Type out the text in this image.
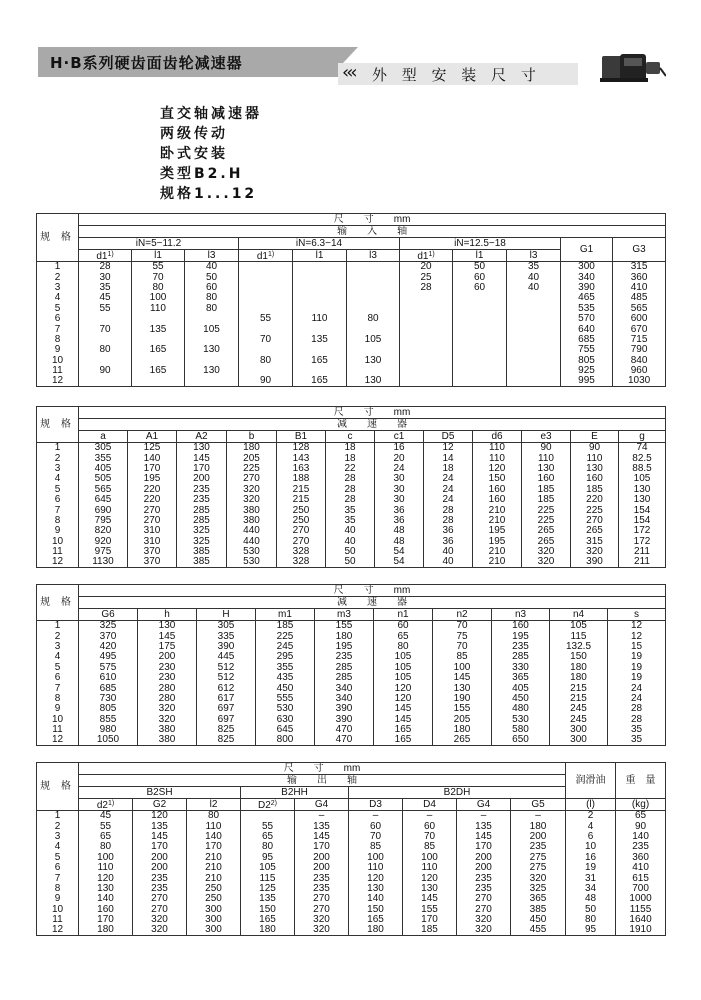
H·B系列硬齿面齿轮减速器	‹‹‹ 外 型 安 装 尺 寸
直交轴减速器
两级传动
卧式安装
类型B2.H
规格1...12
规 格	尺　　寸　　mm										
	输　　入　　轴										
	iN=5−11.2			iN=6.3−14			iN=12.5−18			G1	G3
	d1$^{1)}$	l1	l3	d1$^{1)}$	l1	l3	d1$^{1)}$	l1	l3		
1	28	55	40				20	50	35	300	315
2	30	70	50				25	60	40	340	360
3	35	80	60				28	60	40	390	410
4	45	100	80							465	485
5	55	110	80							535	565
6				55	110	80				570	600
7	70	135	105							640	670
8				70	135	105				685	715
9	80	165	130							755	790
10				80	165	130				805	840
11	90	165	130							925	960
12				90	165	130				995	1030
规 格	尺　　寸　　mm											
	减　　速　　器											
	a	A1	A2	b	B1	c	c1	D5	d6	e3	E	g
1	305	125	130	180	128	18	16	12	110	90	90	74
2	355	140	145	205	143	18	20	14	110	110	110	82.5
3	405	170	170	225	163	22	24	18	120	130	130	88.5
4	505	195	200	270	188	28	30	24	150	160	160	105
5	565	220	235	320	215	28	30	24	160	185	185	130
6	645	220	235	320	215	28	30	24	160	185	220	130
7	690	270	285	380	250	35	36	28	210	225	225	154
8	795	270	285	380	250	35	36	28	210	225	270	154
9	820	310	325	440	270	40	48	36	195	265	265	172
10	920	310	325	440	270	40	48	36	195	265	315	172
11	975	370	385	530	328	50	54	40	210	320	320	211
12	1130	370	385	530	328	50	54	40	210	320	390	211
规 格	尺　　寸　　mm									
	减　　速　　器									
	G6	h	H	m1	m3	n1	n2	n3	n4	s
1	325	130	305	185	155	60	70	160	105	12
2	370	145	335	225	180	65	75	195	115	12
3	420	175	390	245	195	80	70	235	132.5	15
4	495	200	445	295	235	105	85	285	150	19
5	575	230	512	355	285	105	100	330	180	19
6	610	230	512	435	285	105	145	365	180	19
7	685	280	612	450	340	120	130	405	215	24
8	730	280	617	555	340	120	190	450	215	24
9	805	320	697	530	390	145	155	480	245	28
10	855	320	697	630	390	145	205	530	245	28
11	980	380	825	645	470	165	180	580	300	35
12	1050	380	825	800	470	165	265	650	300	35
规 格	尺　　寸　　mm									润滑油	重　量
	输　　出　　轴										
	B2SH			B2HH		B2DH					
	d2$^{1)}$	G2	l2	D2$^{2)}$	G4	D3	D4	G4	G5	(l)	(kg)
1	45	120	80		–	–	–	–	–	2	65
2	55	135	110	55	135	60	60	135	180	4	90
3	65	145	140	65	145	70	70	145	200	6	140
4	80	170	170	80	170	85	85	170	235	10	235
5	100	200	210	95	200	100	100	200	275	16	360
6	110	200	210	105	200	110	110	200	275	19	410
7	120	235	210	115	235	120	120	235	320	31	615
8	130	235	250	125	235	130	130	235	325	34	700
9	140	270	250	135	270	140	145	270	365	48	1000
10	160	270	300	150	270	150	155	270	385	50	1155
11	170	320	300	165	320	165	170	320	450	80	1640
12	180	320	300	180	320	180	185	320	455	95	1910
